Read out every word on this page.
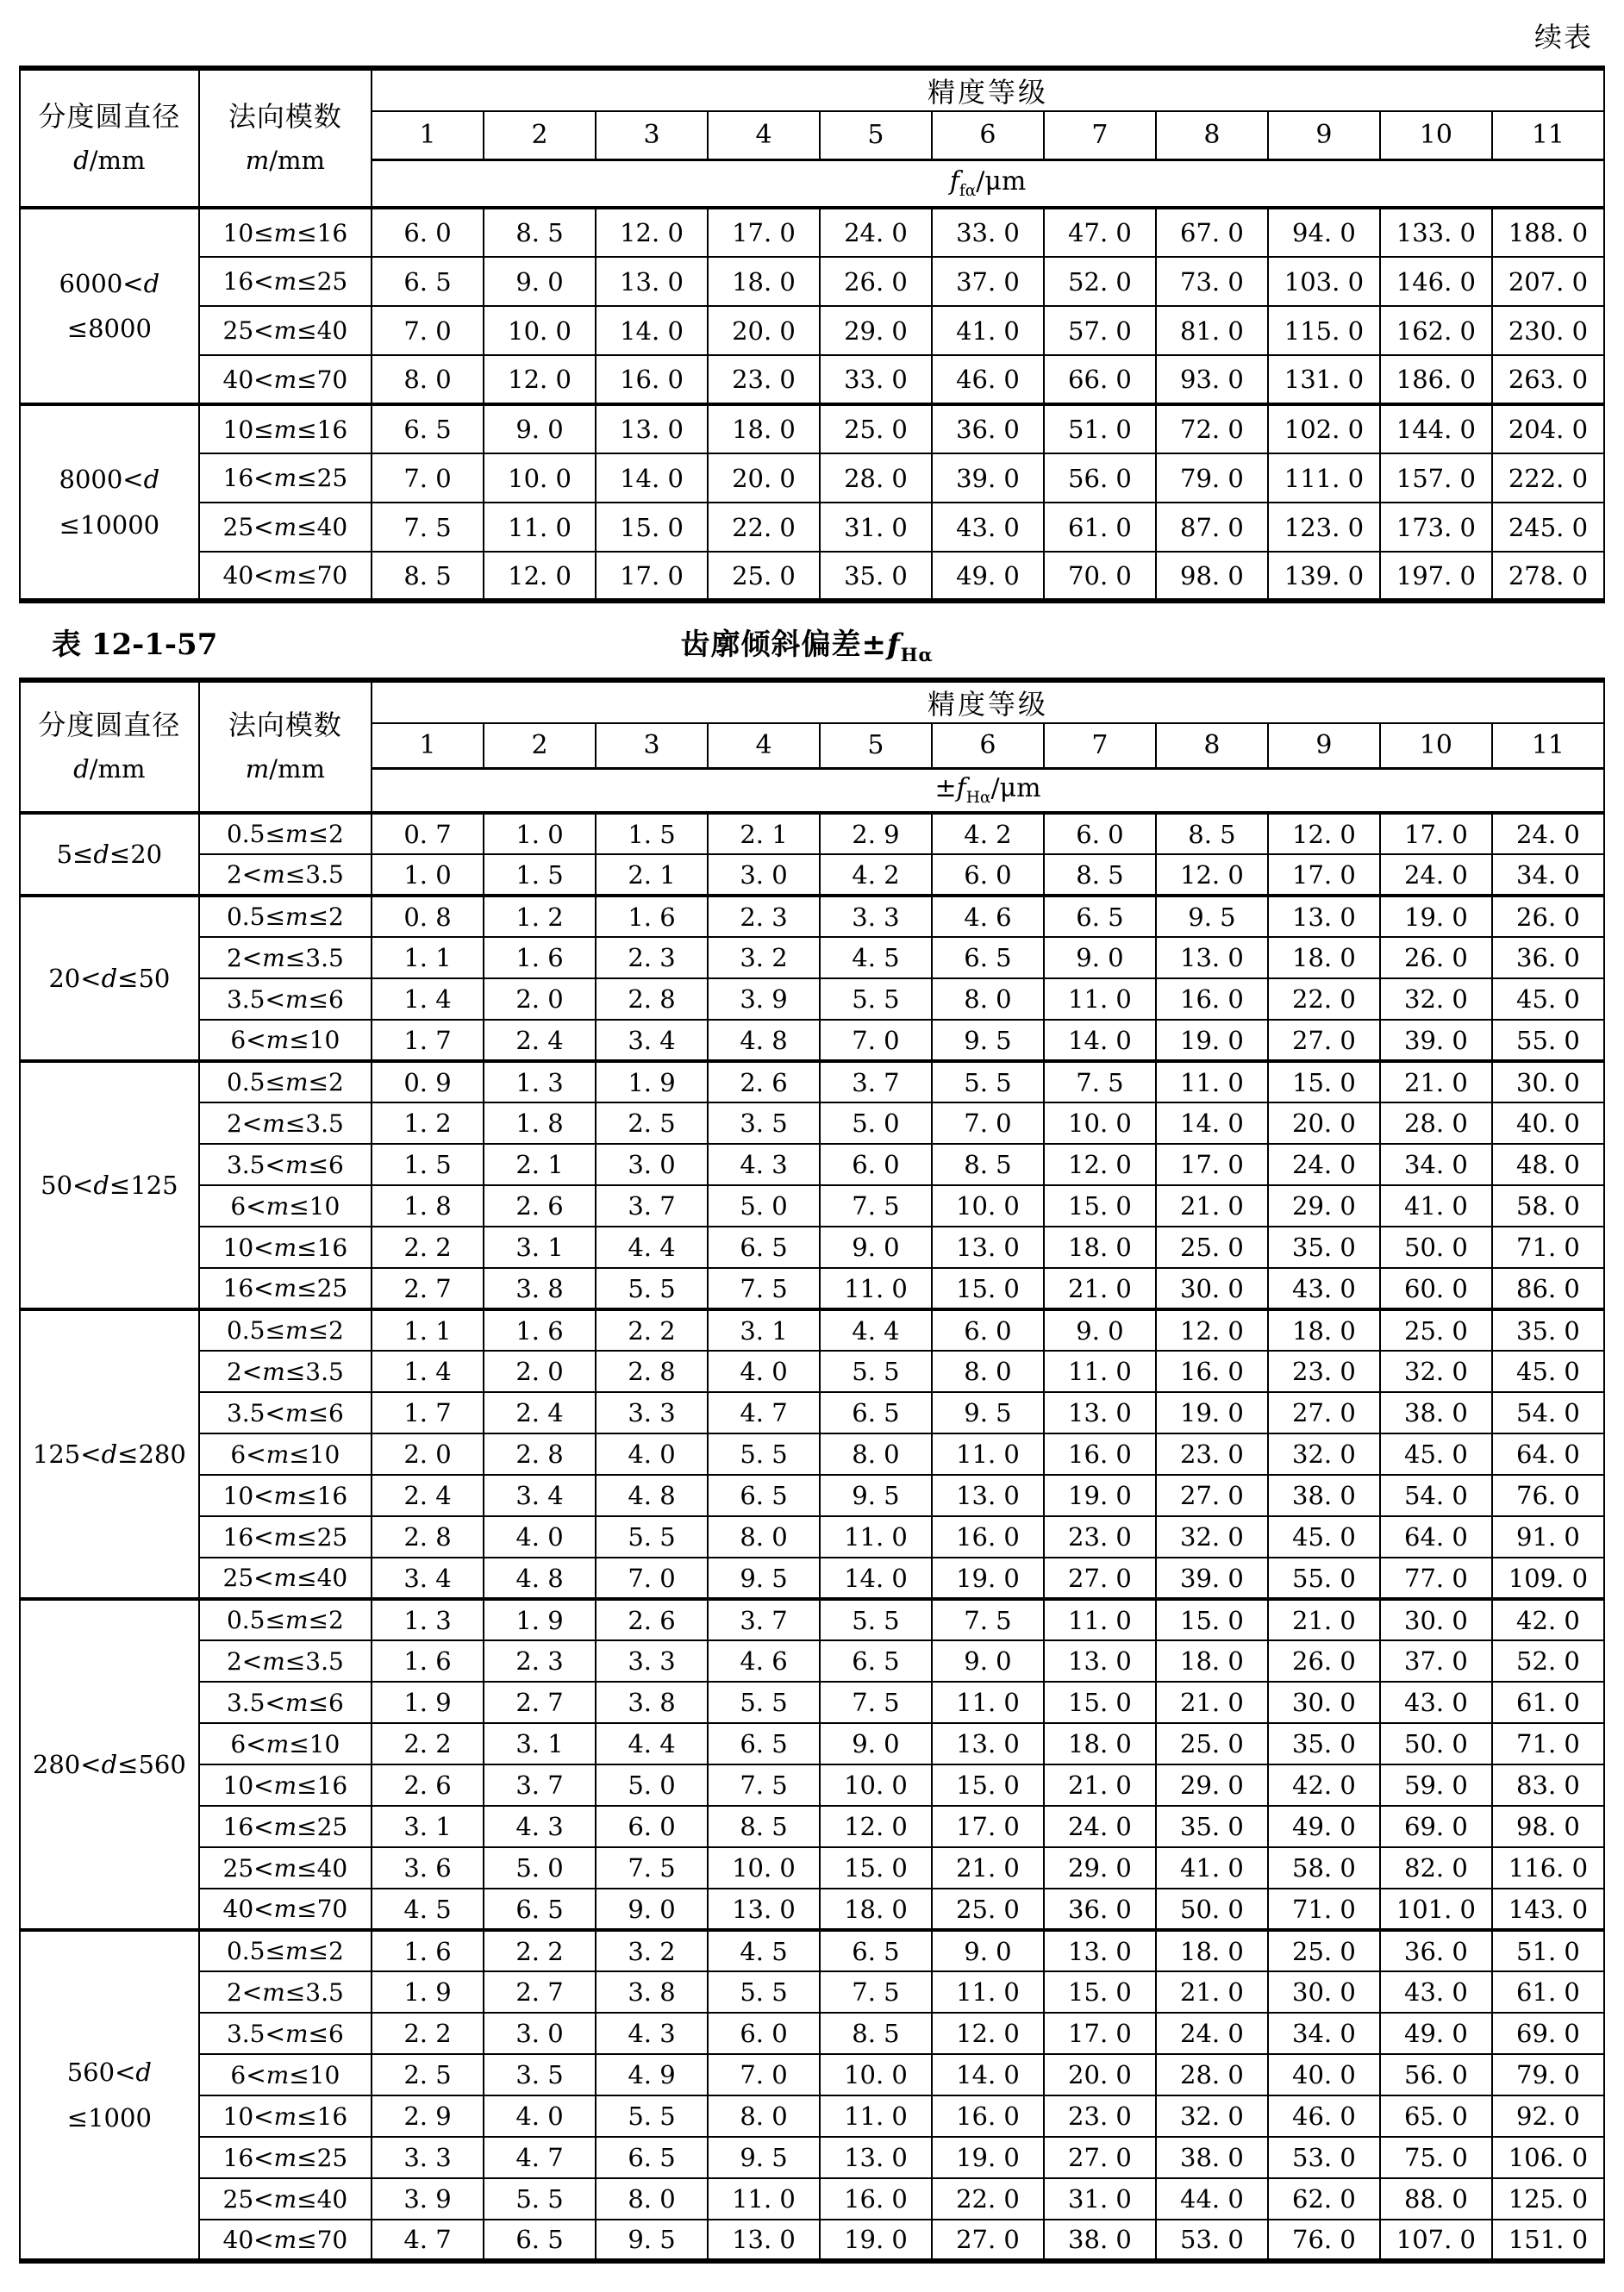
续表
分度圆直径
d/mm	法向模数
m/mm	精度等级										
		1	2	3	4	5	6	7	8	9	10	11
		$f_{f\alpha}/\mu m$										
6000<d
≤8000	10≤m≤16	6. 0	8. 5	12. 0	17. 0	24. 0	33. 0	47. 0	67. 0	94. 0	133. 0	188. 0
	16<m≤25	6. 5	9. 0	13. 0	18. 0	26. 0	37. 0	52. 0	73. 0	103. 0	146. 0	207. 0
	25<m≤40	7. 0	10. 0	14. 0	20. 0	29. 0	41. 0	57. 0	81. 0	115. 0	162. 0	230. 0
	40<m≤70	8. 0	12. 0	16. 0	23. 0	33. 0	46. 0	66. 0	93. 0	131. 0	186. 0	263. 0
8000<d
≤10000	10≤m≤16	6. 5	9. 0	13. 0	18. 0	25. 0	36. 0	51. 0	72. 0	102. 0	144. 0	204. 0
	16<m≤25	7. 0	10. 0	14. 0	20. 0	28. 0	39. 0	56. 0	79. 0	111. 0	157. 0	222. 0
	25<m≤40	7. 5	11. 0	15. 0	22. 0	31. 0	43. 0	61. 0	87. 0	123. 0	173. 0	245. 0
	40<m≤70	8. 5	12. 0	17. 0	25. 0	35. 0	49. 0	70. 0	98. 0	139. 0	197. 0	278. 0
表 12-1-57	齿廓倾斜偏差$\pm f_{H\alpha}$
分度圆直径
d/mm	法向模数
m/mm	精度等级										
		1	2	3	4	5	6	7	8	9	10	11
		$\pm f_{H\alpha}/\mu m$										
5≤d≤20	0.5≤m≤2	0. 7	1. 0	1. 5	2. 1	2. 9	4. 2	6. 0	8. 5	12. 0	17. 0	24. 0
	2<m≤3.5	1. 0	1. 5	2. 1	3. 0	4. 2	6. 0	8. 5	12. 0	17. 0	24. 0	34. 0
20<d≤50	0.5≤m≤2	0. 8	1. 2	1. 6	2. 3	3. 3	4. 6	6. 5	9. 5	13. 0	19. 0	26. 0
	2<m≤3.5	1. 1	1. 6	2. 3	3. 2	4. 5	6. 5	9. 0	13. 0	18. 0	26. 0	36. 0
	3.5<m≤6	1. 4	2. 0	2. 8	3. 9	5. 5	8. 0	11. 0	16. 0	22. 0	32. 0	45. 0
	6<m≤10	1. 7	2. 4	3. 4	4. 8	7. 0	9. 5	14. 0	19. 0	27. 0	39. 0	55. 0
50<d≤125	0.5≤m≤2	0. 9	1. 3	1. 9	2. 6	3. 7	5. 5	7. 5	11. 0	15. 0	21. 0	30. 0
	2<m≤3.5	1. 2	1. 8	2. 5	3. 5	5. 0	7. 0	10. 0	14. 0	20. 0	28. 0	40. 0
	3.5<m≤6	1. 5	2. 1	3. 0	4. 3	6. 0	8. 5	12. 0	17. 0	24. 0	34. 0	48. 0
	6<m≤10	1. 8	2. 6	3. 7	5. 0	7. 5	10. 0	15. 0	21. 0	29. 0	41. 0	58. 0
	10<m≤16	2. 2	3. 1	4. 4	6. 5	9. 0	13. 0	18. 0	25. 0	35. 0	50. 0	71. 0
	16<m≤25	2. 7	3. 8	5. 5	7. 5	11. 0	15. 0	21. 0	30. 0	43. 0	60. 0	86. 0
125<d≤280	0.5≤m≤2	1. 1	1. 6	2. 2	3. 1	4. 4	6. 0	9. 0	12. 0	18. 0	25. 0	35. 0
	2<m≤3.5	1. 4	2. 0	2. 8	4. 0	5. 5	8. 0	11. 0	16. 0	23. 0	32. 0	45. 0
	3.5<m≤6	1. 7	2. 4	3. 3	4. 7	6. 5	9. 5	13. 0	19. 0	27. 0	38. 0	54. 0
	6<m≤10	2. 0	2. 8	4. 0	5. 5	8. 0	11. 0	16. 0	23. 0	32. 0	45. 0	64. 0
	10<m≤16	2. 4	3. 4	4. 8	6. 5	9. 5	13. 0	19. 0	27. 0	38. 0	54. 0	76. 0
	16<m≤25	2. 8	4. 0	5. 5	8. 0	11. 0	16. 0	23. 0	32. 0	45. 0	64. 0	91. 0
	25<m≤40	3. 4	4. 8	7. 0	9. 5	14. 0	19. 0	27. 0	39. 0	55. 0	77. 0	109. 0
280<d≤560	0.5≤m≤2	1. 3	1. 9	2. 6	3. 7	5. 5	7. 5	11. 0	15. 0	21. 0	30. 0	42. 0
	2<m≤3.5	1. 6	2. 3	3. 3	4. 6	6. 5	9. 0	13. 0	18. 0	26. 0	37. 0	52. 0
	3.5<m≤6	1. 9	2. 7	3. 8	5. 5	7. 5	11. 0	15. 0	21. 0	30. 0	43. 0	61. 0
	6<m≤10	2. 2	3. 1	4. 4	6. 5	9. 0	13. 0	18. 0	25. 0	35. 0	50. 0	71. 0
	10<m≤16	2. 6	3. 7	5. 0	7. 5	10. 0	15. 0	21. 0	29. 0	42. 0	59. 0	83. 0
	16<m≤25	3. 1	4. 3	6. 0	8. 5	12. 0	17. 0	24. 0	35. 0	49. 0	69. 0	98. 0
	25<m≤40	3. 6	5. 0	7. 5	10. 0	15. 0	21. 0	29. 0	41. 0	58. 0	82. 0	116. 0
	40<m≤70	4. 5	6. 5	9. 0	13. 0	18. 0	25. 0	36. 0	50. 0	71. 0	101. 0	143. 0
560<d
≤1000	0.5≤m≤2	1. 6	2. 2	3. 2	4. 5	6. 5	9. 0	13. 0	18. 0	25. 0	36. 0	51. 0
	2<m≤3.5	1. 9	2. 7	3. 8	5. 5	7. 5	11. 0	15. 0	21. 0	30. 0	43. 0	61. 0
	3.5<m≤6	2. 2	3. 0	4. 3	6. 0	8. 5	12. 0	17. 0	24. 0	34. 0	49. 0	69. 0
	6<m≤10	2. 5	3. 5	4. 9	7. 0	10. 0	14. 0	20. 0	28. 0	40. 0	56. 0	79. 0
	10<m≤16	2. 9	4. 0	5. 5	8. 0	11. 0	16. 0	23. 0	32. 0	46. 0	65. 0	92. 0
	16<m≤25	3. 3	4. 7	6. 5	9. 5	13. 0	19. 0	27. 0	38. 0	53. 0	75. 0	106. 0
	25<m≤40	3. 9	5. 5	8. 0	11. 0	16. 0	22. 0	31. 0	44. 0	62. 0	88. 0	125. 0
	40<m≤70	4. 7	6. 5	9. 5	13. 0	19. 0	27. 0	38. 0	53. 0	76. 0	107. 0	151. 0
